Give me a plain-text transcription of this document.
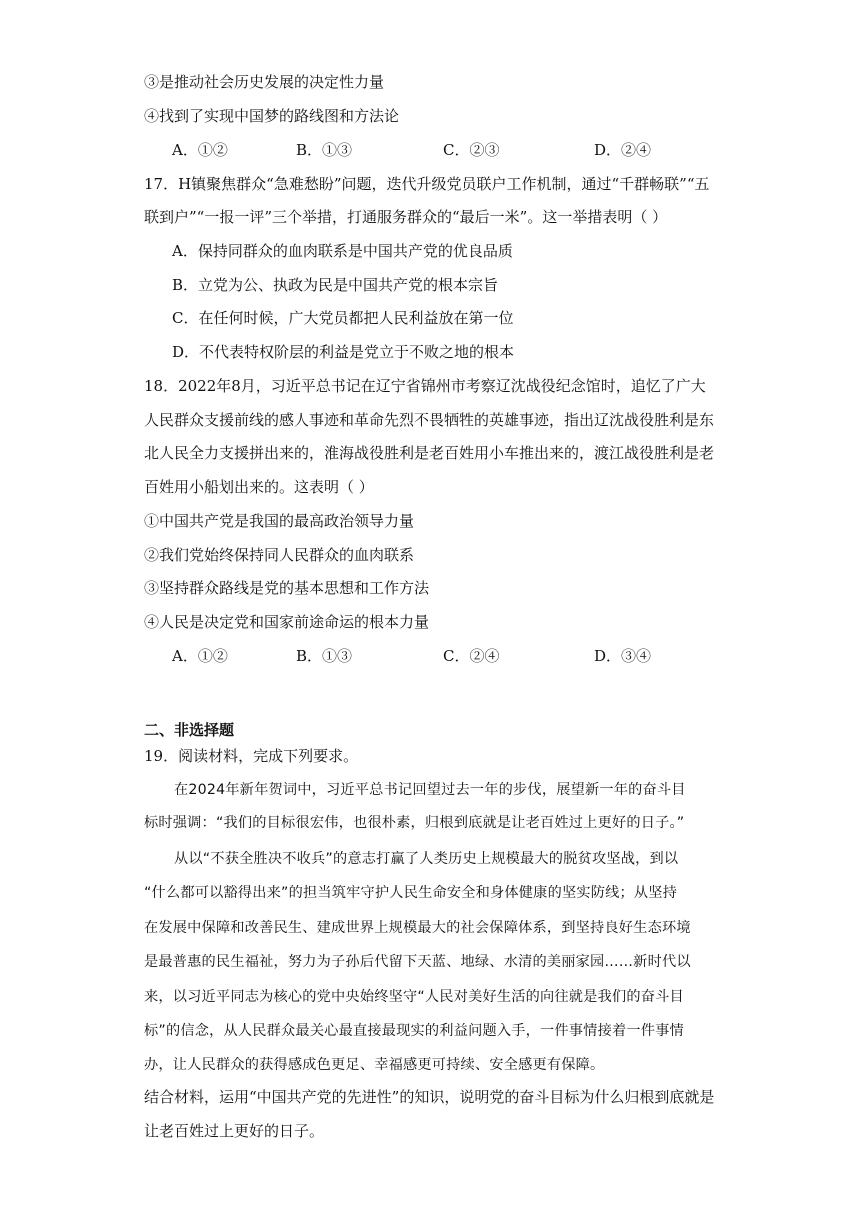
③是推动社会历史发展的决定性力量
④找到了实现中国梦的路线图和方法论
A．①②	B．①③	C．②③	D．②④
17．H镇聚焦群众“急难愁盼”问题，迭代升级党员联户工作机制，通过“千群畅联”“五
联到户”“一报一评”三个举措，打通服务群众的“最后一米”。这一举措表明（ ）
A．保持同群众的血肉联系是中国共产党的优良品质
B．立党为公、执政为民是中国共产党的根本宗旨
C．在任何时候，广大党员都把人民利益放在第一位
D．不代表特权阶层的利益是党立于不败之地的根本
18．2022年8月，习近平总书记在辽宁省锦州市考察辽沈战役纪念馆时，追忆了广大
人民群众支援前线的感人事迹和革命先烈不畏牺牲的英雄事迹，指出辽沈战役胜利是东
北人民全力支援拼出来的，淮海战役胜利是老百姓用小车推出来的，渡江战役胜利是老
百姓用小船划出来的。这表明（ ）
①中国共产党是我国的最高政治领导力量
②我们党始终保持同人民群众的血肉联系
③坚持群众路线是党的基本思想和工作方法
④人民是决定党和国家前途命运的根本力量
A．①②	B．①③	C．②④	D．③④
二、非选择题
19．阅读材料，完成下列要求。
在2024年新年贺词中，习近平总书记回望过去一年的步伐，展望新一年的奋斗目
标时强调：“我们的目标很宏伟，也很朴素，归根到底就是让老百姓过上更好的日子。”
从以“不获全胜决不收兵”的意志打赢了人类历史上规模最大的脱贫攻坚战，到以
“什么都可以豁得出来”的担当筑牢守护人民生命安全和身体健康的坚实防线；从坚持
在发展中保障和改善民生、建成世界上规模最大的社会保障体系，到坚持良好生态环境
是最普惠的民生福祉，努力为子孙后代留下天蓝、地绿、水清的美丽家园……新时代以
来，以习近平同志为核心的党中央始终坚守“人民对美好生活的向往就是我们的奋斗目
标”的信念，从人民群众最关心最直接最现实的利益问题入手，一件事情接着一件事情
办，让人民群众的获得感成色更足、幸福感更可持续、安全感更有保障。
结合材料，运用“中国共产党的先进性”的知识，说明党的奋斗目标为什么归根到底就是
让老百姓过上更好的日子。
